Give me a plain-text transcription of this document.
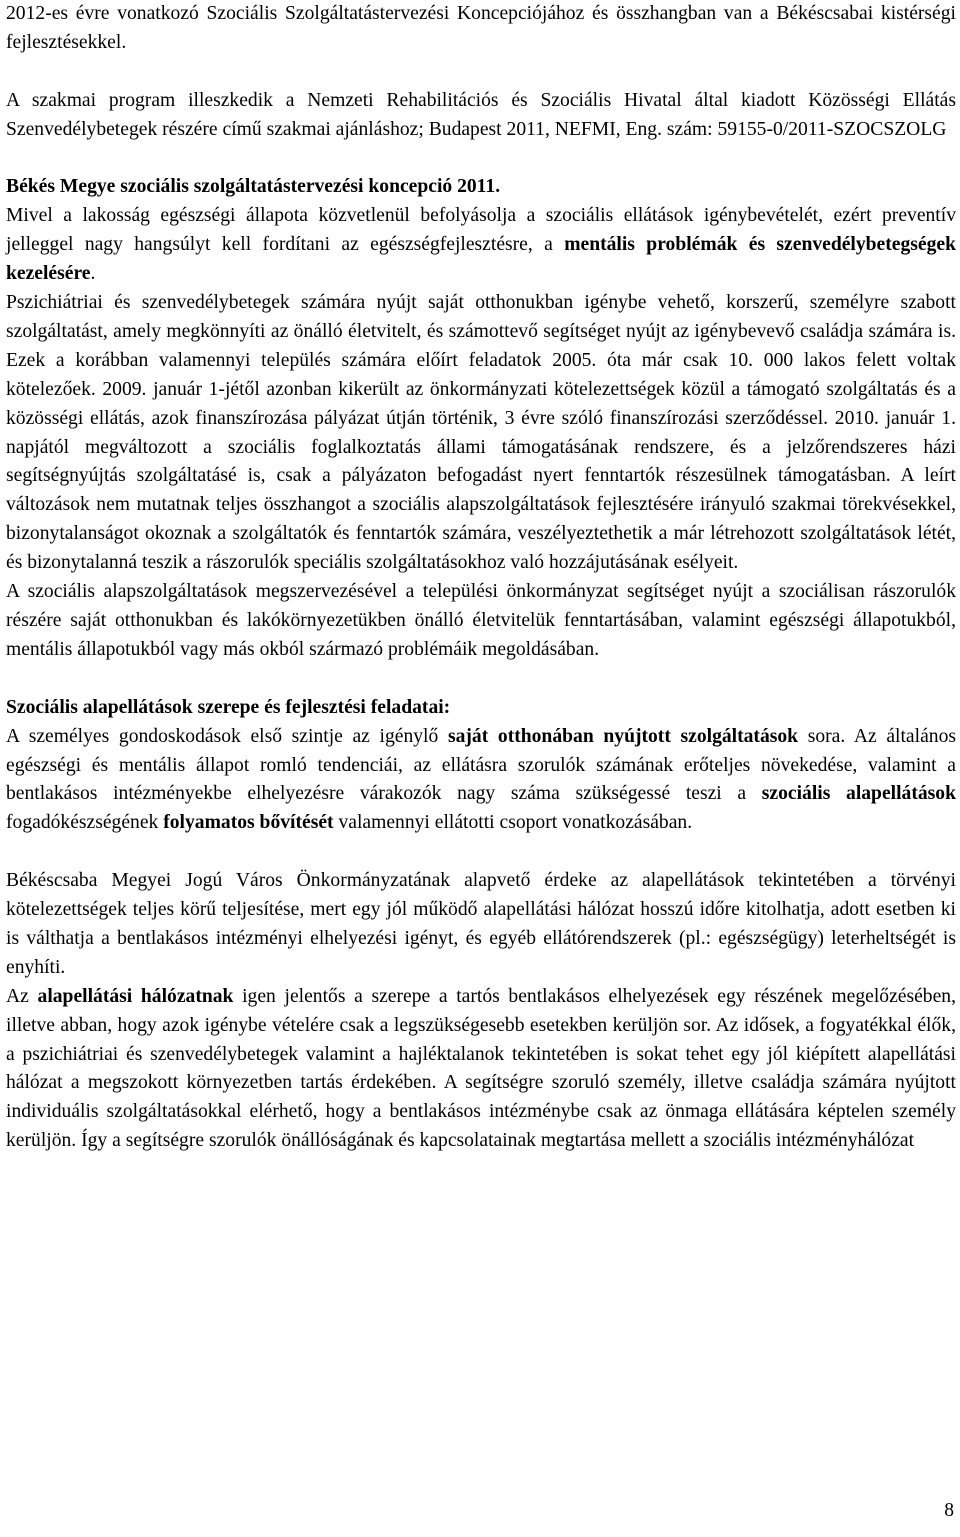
2012-es évre vonatkozó Szociális Szolgáltatástervezési Koncepciójához és összhangban van a Békéscsabai kistérségi fejlesztésekkel.

A szakmai program illeszkedik a Nemzeti Rehabilitációs és Szociális Hivatal által kiadott Közösségi Ellátás Szenvedélybetegek részére című szakmai ajánláshoz; Budapest 2011, NEFMI, Eng. szám: 59155-0/2011-SZOCSZOLG

Békés Megye szociális szolgáltatástervezési koncepció 2011.

Mivel a lakosság egészségi állapota közvetlenül befolyásolja a szociális ellátások igénybevételét, ezért preventív jelleggel nagy hangsúlyt kell fordítani az egészségfejlesztésre, a mentális problémák és szenvedélybetegségek kezelésére.

Pszichiátriai és szenvedélybetegek számára nyújt saját otthonukban igénybe vehető, korszerű, személyre szabott szolgáltatást, amely megkönnyíti az önálló életvitelt, és számottevő segítséget nyújt az igénybevevő családja számára is. Ezek a korábban valamennyi település számára előírt feladatok 2005. óta már csak 10. 000 lakos felett voltak kötelezőek. 2009. január 1-jétől azonban kikerült az önkormányzati kötelezettségek közül a támogató szolgáltatás és a közösségi ellátás, azok finanszírozása pályázat útján történik, 3 évre szóló finanszírozási szerződéssel. 2010. január 1. napjától megváltozott a szociális foglalkoztatás állami támogatásának rendszere, és a jelzőrendszeres házi segítségnyújtás szolgáltatásé is, csak a pályázaton befogadást nyert fenntartók részesülnek támogatásban. A leírt változások nem mutatnak teljes összhangot a szociális alapszolgáltatások fejlesztésére irányuló szakmai törekvésekkel, bizonytalanságot okoznak a szolgáltatók és fenntartók számára, veszélyeztethetik a már létrehozott szolgáltatások létét, és bizonytalanná teszik a rászorulók speciális szolgáltatásokhoz való hozzájutásának esélyeit.

A szociális alapszolgáltatások megszervezésével a települési önkormányzat segítséget nyújt a szociálisan rászorulók részére saját otthonukban és lakókörnyezetükben önálló életvitelük fenntartásában, valamint egészségi állapotukból, mentális állapotukból vagy más okból származó problémáik megoldásában.

Szociális alapellátások szerepe és fejlesztési feladatai:

A személyes gondoskodások első szintje az igénylő saját otthonában nyújtott szolgáltatások sora. Az általános egészségi és mentális állapot romló tendenciái, az ellátásra szorulók számának erőteljes növekedése, valamint a bentlakásos intézményekbe elhelyezésre várakozók nagy száma szükségessé teszi a szociális alapellátások fogadókészségének folyamatos bővítését valamennyi ellátotti csoport vonatkozásában.

Békéscsaba Megyei Jogú Város Önkormányzatának alapvető érdeke az alapellátások tekintetében a törvényi kötelezettségek teljes körű teljesítése, mert egy jól működő alapellátási hálózat hosszú időre kitolhatja, adott esetben ki is válthatja a bentlakásos intézményi elhelyezési igényt, és egyéb ellátórendszerek (pl.: egészségügy) leterheltségét is enyhíti.

Az alapellátási hálózatnak igen jelentős a szerepe a tartós bentlakásos elhelyezések egy részének megelőzésében, illetve abban, hogy azok igénybe vételére csak a legszükségesebb esetekben kerüljön sor. Az idősek, a fogyatékkal élők, a pszichiátriai és szenvedélybetegek valamint a hajléktalanok tekintetében is sokat tehet egy jól kiépített alapellátási hálózat a megszokott környezetben tartás érdekében. A segítségre szoruló személy, illetve családja számára nyújtott individuális szolgáltatásokkal elérhető, hogy a bentlakásos intézménybe csak az önmaga ellátására képtelen személy kerüljön. Így a segítségre szorulók önállóságának és kapcsolatainak megtartása mellett a szociális intézményhálózat

8
